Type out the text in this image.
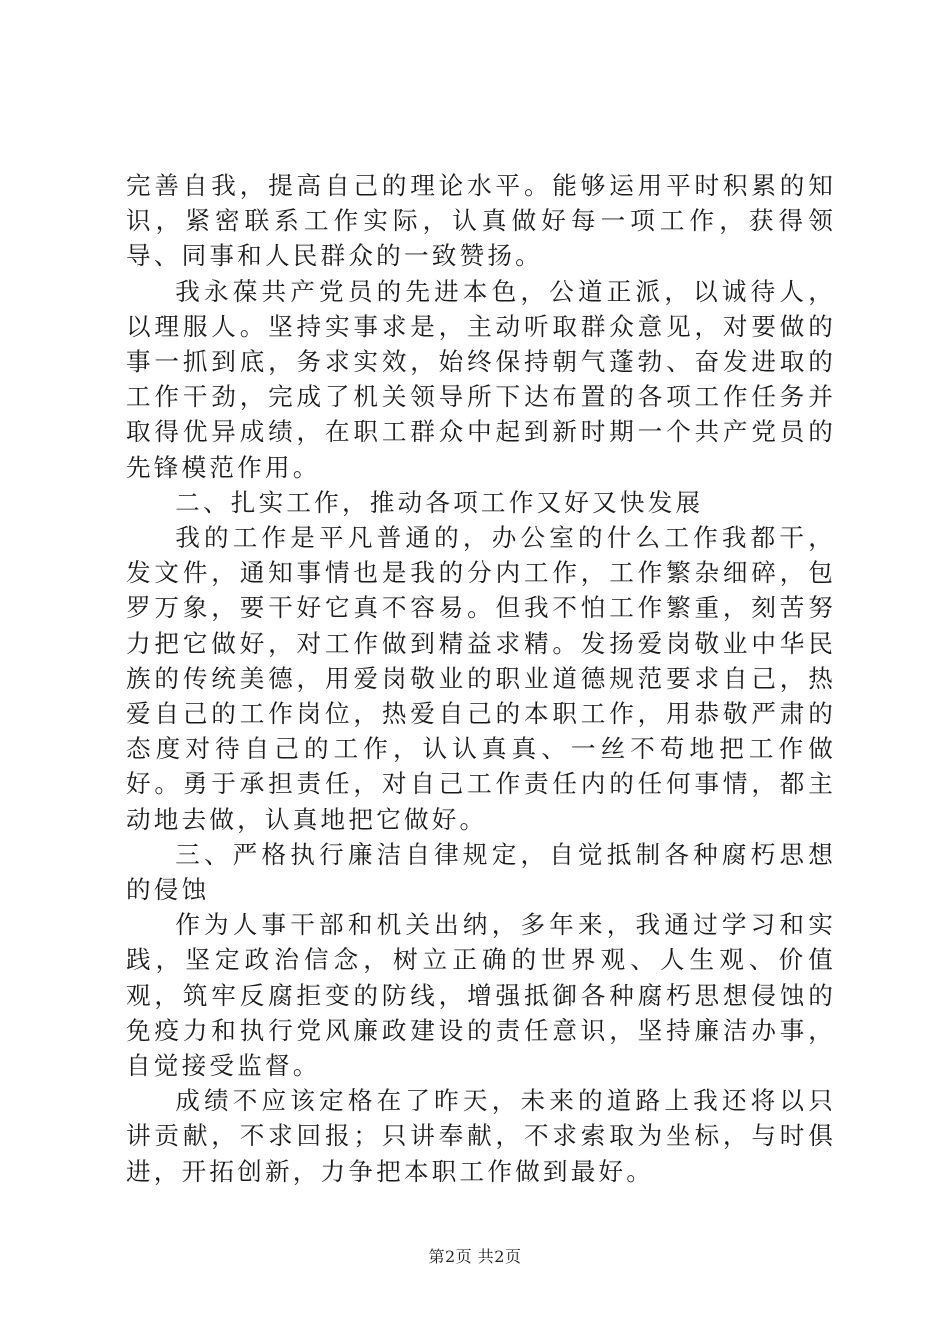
完善自我，提高自己的理论水平。能够运用平时积累的知识，紧密联系工作实际，认真做好每一项工作，获得领导、同事和人民群众的一致赞扬。

我永葆共产党员的先进本色，公道正派，以诚待人，以理服人。坚持实事求是，主动听取群众意见，对要做的事一抓到底，务求实效，始终保持朝气蓬勃、奋发进取的工作干劲，完成了机关领导所下达布置的各项工作任务并取得优异成绩，在职工群众中起到新时期一个共产党员的先锋模范作用。

二、扎实工作，推动各项工作又好又快发展

我的工作是平凡普通的，办公室的什么工作我都干，发文件，通知事情也是我的分内工作，工作繁杂细碎，包罗万象，要干好它真不容易。但我不怕工作繁重，刻苦努力把它做好，对工作做到精益求精。发扬爱岗敬业中华民族的传统美德，用爱岗敬业的职业道德规范要求自己，热爱自己的工作岗位，热爱自己的本职工作，用恭敬严肃的态度对待自己的工作，认认真真、一丝不苟地把工作做好。勇于承担责任，对自己工作责任内的任何事情，都主动地去做，认真地把它做好。

三、严格执行廉洁自律规定，自觉抵制各种腐朽思想的侵蚀

作为人事干部和机关出纳，多年来，我通过学习和实践，坚定政治信念，树立正确的世界观、人生观、价值观，筑牢反腐拒变的防线，增强抵御各种腐朽思想侵蚀的免疫力和执行党风廉政建设的责任意识，坚持廉洁办事，自觉接受监督。

成绩不应该定格在了昨天，未来的道路上我还将以只讲贡献，不求回报；只讲奉献，不求索取为坐标，与时俱进，开拓创新，力争把本职工作做到最好。

第2页 共2页
